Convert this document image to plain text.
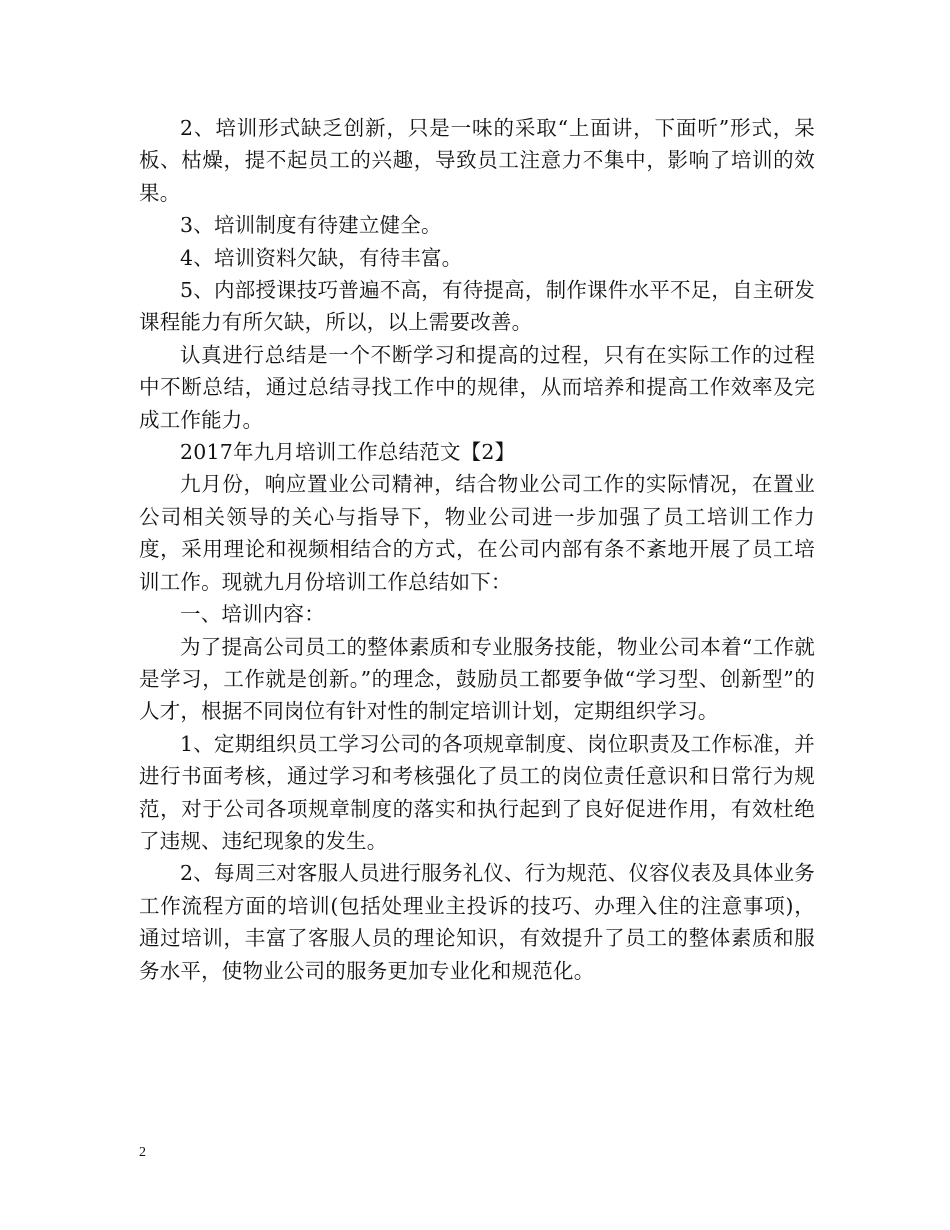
2、培训形式缺乏创新，只是一味的采取“上面讲，下面听”形式，呆板、枯燥，提不起员工的兴趣，导致员工注意力不集中，影响了培训的效果。

3、培训制度有待建立健全。

4、培训资料欠缺，有待丰富。

5、内部授课技巧普遍不高，有待提高，制作课件水平不足，自主研发课程能力有所欠缺，所以，以上需要改善。

认真进行总结是一个不断学习和提高的过程，只有在实际工作的过程中不断总结，通过总结寻找工作中的规律，从而培养和提高工作效率及完成工作能力。

2017年九月培训工作总结范文【2】

九月份，响应置业公司精神，结合物业公司工作的实际情况，在置业公司相关领导的关心与指导下，物业公司进一步加强了员工培训工作力度，采用理论和视频相结合的方式，在公司内部有条不紊地开展了员工培训工作。现就九月份培训工作总结如下：

一、培训内容：

为了提高公司员工的整体素质和专业服务技能，物业公司本着“工作就是学习，工作就是创新。”的理念，鼓励员工都要争做“学习型、创新型”的人才，根据不同岗位有针对性的制定培训计划，定期组织学习。

1、定期组织员工学习公司的各项规章制度、岗位职责及工作标准，并进行书面考核，通过学习和考核强化了员工的岗位责任意识和日常行为规范，对于公司各项规章制度的落实和执行起到了良好促进作用，有效杜绝了违规、违纪现象的发生。

2、每周三对客服人员进行服务礼仪、行为规范、仪容仪表及具体业务工作流程方面的培训(包括处理业主投诉的技巧、办理入住的注意事项)，通过培训，丰富了客服人员的理论知识，有效提升了员工的整体素质和服务水平，使物业公司的服务更加专业化和规范化。

2
